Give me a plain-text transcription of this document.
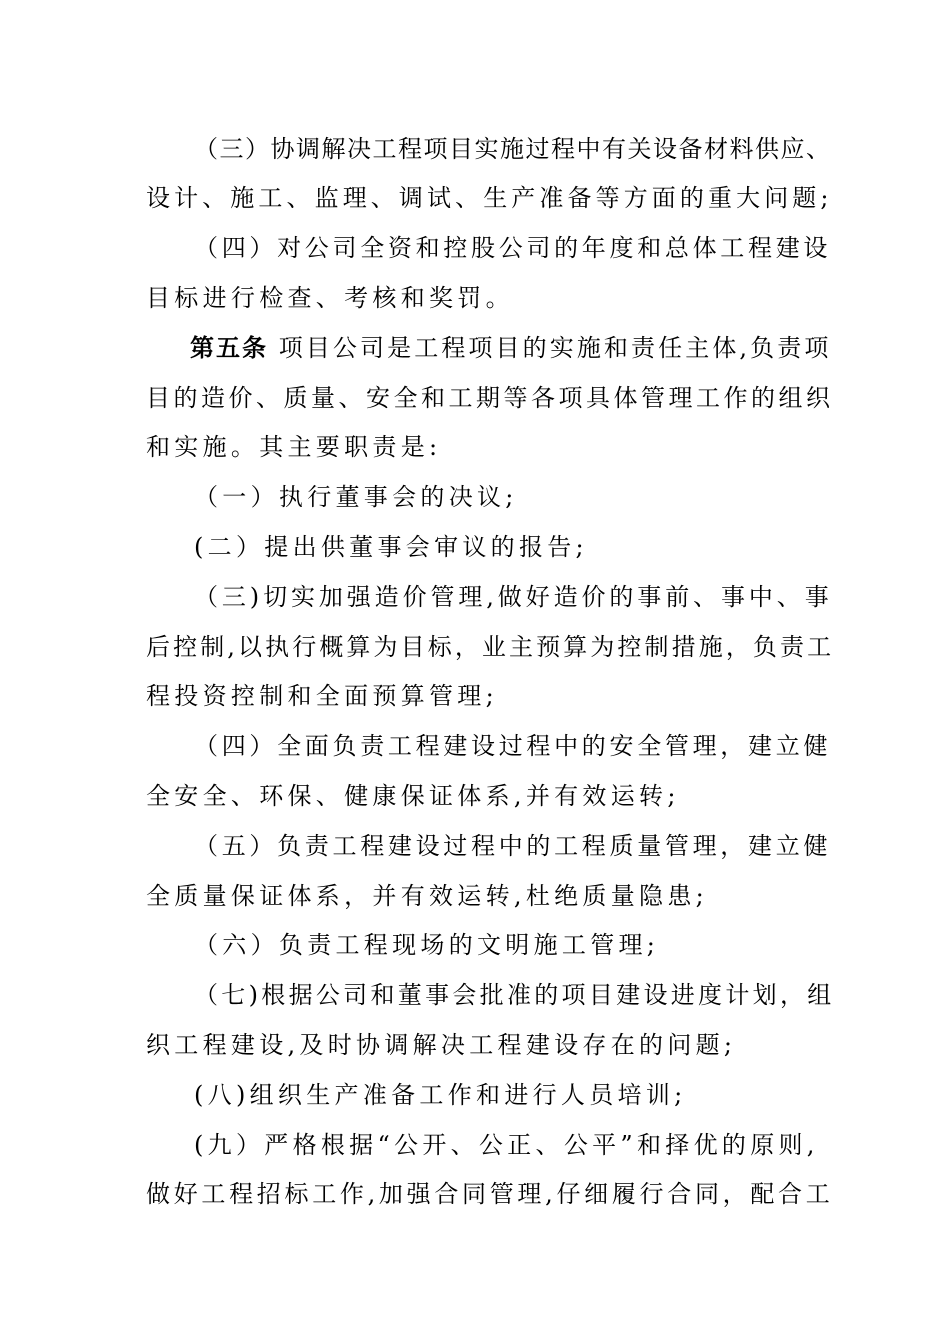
（三）协调解决工程项目实施过程中有关设备材料供应、
设计、施工、监理、调试、生产准备等方面的重大问题;
（四）对公司全资和控股公司的年度和总体工程建设
目标进行检查、考核和奖罚。
第五条 项目公司是工程项目的实施和责任主体,负责项
目的造价、质量、安全和工期等各项具体管理工作的组织
和实施。其主要职责是:
（一）执行董事会的决议;
(二）提出供董事会审议的报告;
（三)切实加强造价管理,做好造价的事前、事中、事
后控制,以执行概算为目标，业主预算为控制措施，负责工
程投资控制和全面预算管理;
（四）全面负责工程建设过程中的安全管理，建立健
全安全、环保、健康保证体系,并有效运转;
（五）负责工程建设过程中的工程质量管理，建立健
全质量保证体系，并有效运转,杜绝质量隐患;
（六）负责工程现场的文明施工管理;
（七)根据公司和董事会批准的项目建设进度计划，组
织工程建设,及时协调解决工程建设存在的问题;
(八)组织生产准备工作和进行人员培训;
(九）严格根据“公开、公正、公平”和择优的原则,
做好工程招标工作,加强合同管理,仔细履行合同，配合工
